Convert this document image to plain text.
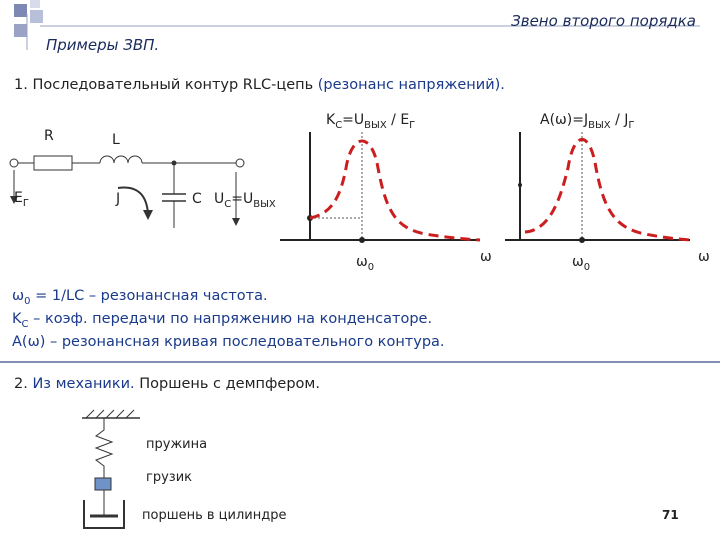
Звено второго порядка
Примеры ЗВП.
1. Последовательный контур RLC-цепь (резонанс напряжений).
R	L
$E_Г$	J	C $U_C=U_{ВЫХ}$
$K_C=U_{ВЫХ} / E_Г$
$\omega_0$
ω
$A(\omega)=J_{ВЫХ} / J_Г$
$\omega_0$
ω
$\omega_0 = 1/LC$ – резонансная частота.
$K_C$ – коэф. передачи по напряжению на конденсаторе.
A(ω) – резонансная кривая последовательного контура.
2. Из механики. Поршень с демпфером.
пружина
грузик
поршень в цилиндре	71
